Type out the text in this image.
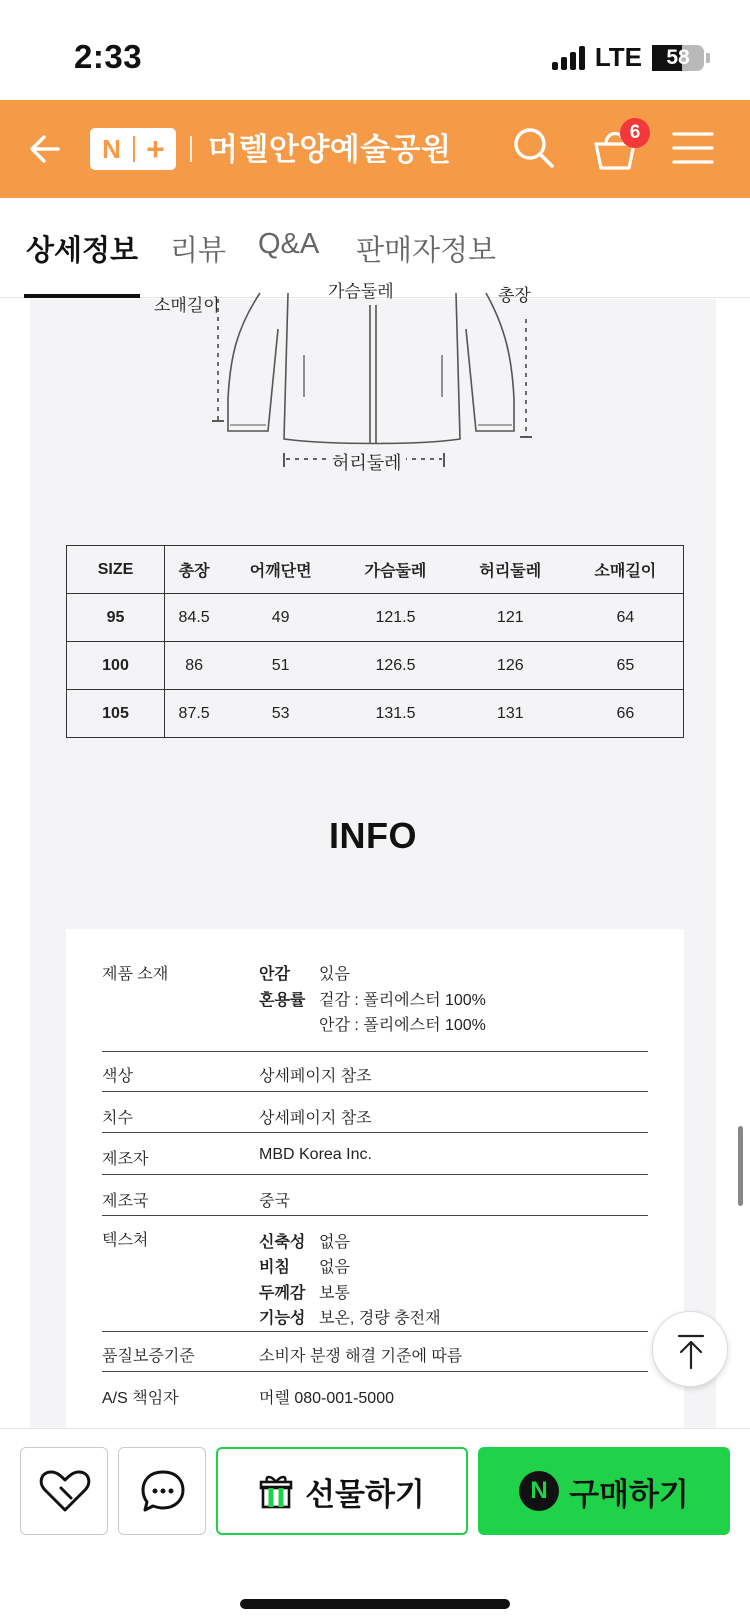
2:33	LTE	58
N +	머렐안양예술공원	6
상세정보 리뷰 Q&A 판매자정보
소매길이
가슴둘레	총장
허리둘레
SIZE	총장	어깨단면	가슴둘레	허리둘레	소매길이
95	84.5	49	121.5	121	64
100	86	51	126.5	126	65
105	87.5	53	131.5	131	66
INFO
제품 소재	안감 있음
혼용률 겉감 : 폴리에스터 100%
안감 : 폴리에스터 100%
색상	상세페이지 참조
치수	상세페이지 참조
제조자	MBD Korea Inc.
제조국	중국
텍스쳐	신축성 없음
비침 없음
두께감 보통
기능성 보온, 경량 충전재
품질보증기준	소비자 분쟁 해결 기준에 따름
A/S 책임자	머렐 080-001-5000
선물하기	N 구매하기
